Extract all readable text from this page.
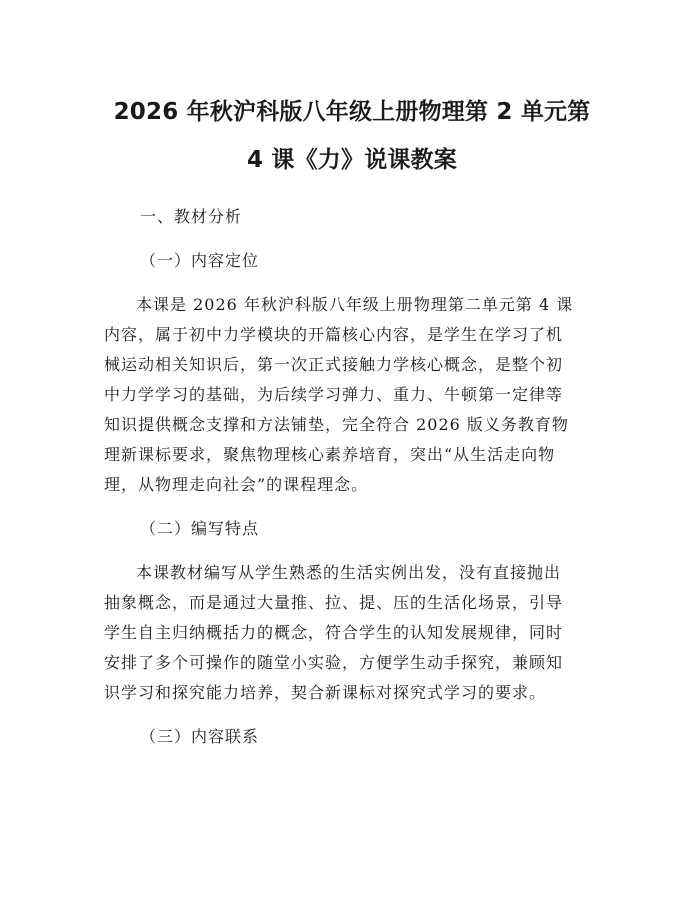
2026 年秋沪科版八年级上册物理第 2 单元第
4 课《力》说课教案

一、教材分析

（一）内容定位

本课是 2026 年秋沪科版八年级上册物理第二单元第 4 课
内容，属于初中力学模块的开篇核心内容，是学生在学习了机
械运动相关知识后，第一次正式接触力学核心概念，是整个初
中力学学习的基础，为后续学习弹力、重力、牛顿第一定律等
知识提供概念支撑和方法铺垫，完全符合 2026 版义务教育物
理新课标要求，聚焦物理核心素养培育，突出“从生活走向物
理，从物理走向社会”的课程理念。

（二）编写特点

本课教材编写从学生熟悉的生活实例出发，没有直接抛出
抽象概念，而是通过大量推、拉、提、压的生活化场景，引导
学生自主归纳概括力的概念，符合学生的认知发展规律，同时
安排了多个可操作的随堂小实验，方便学生动手探究，兼顾知
识学习和探究能力培养，契合新课标对探究式学习的要求。

（三）内容联系
